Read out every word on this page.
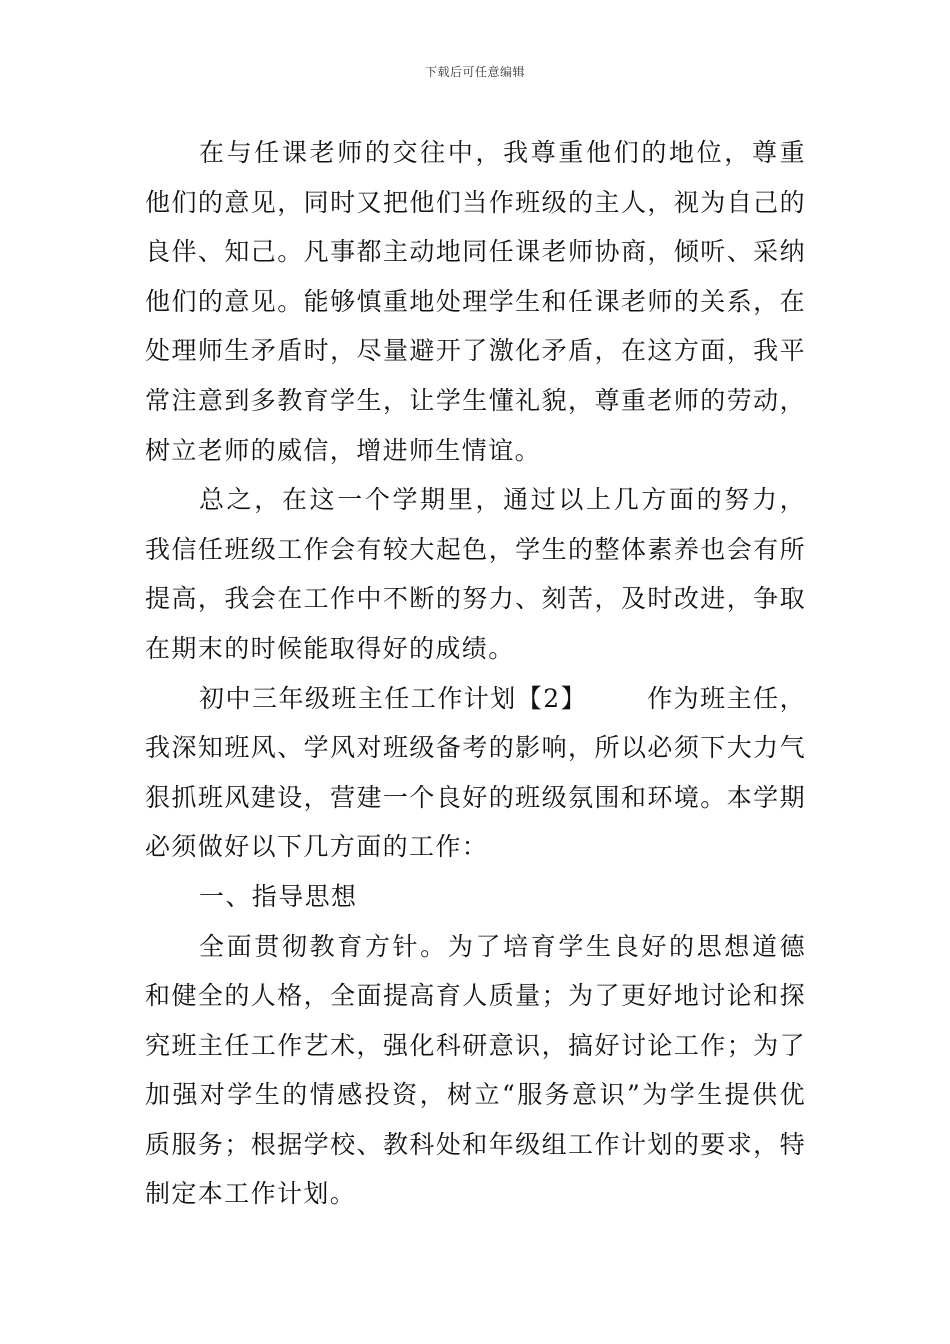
下载后可任意编辑

在与任课老师的交往中，我尊重他们的地位，尊重他们的意见，同时又把他们当作班级的主人，视为自己的良伴、知己。凡事都主动地同任课老师协商，倾听、采纳他们的意见。能够慎重地处理学生和任课老师的关系，在处理师生矛盾时，尽量避开了激化矛盾，在这方面，我平常注意到多教育学生，让学生懂礼貌，尊重老师的劳动，树立老师的威信，增进师生情谊。

总之，在这一个学期里，通过以上几方面的努力，我信任班级工作会有较大起色，学生的整体素养也会有所提高，我会在工作中不断的努力、刻苦，及时改进，争取在期末的时候能取得好的成绩。

初中三年级班主任工作计划【2】 作为班主任，我深知班风、学风对班级备考的影响，所以必须下大力气狠抓班风建设，营建一个良好的班级氛围和环境。本学期必须做好以下几方面的工作：

一、指导思想

全面贯彻教育方针。为了培育学生良好的思想道德和健全的人格，全面提高育人质量；为了更好地讨论和探究班主任工作艺术，强化科研意识，搞好讨论工作；为了加强对学生的情感投资，树立“服务意识”为学生提供优质服务；根据学校、教科处和年级组工作计划的要求，特制定本工作计划。
